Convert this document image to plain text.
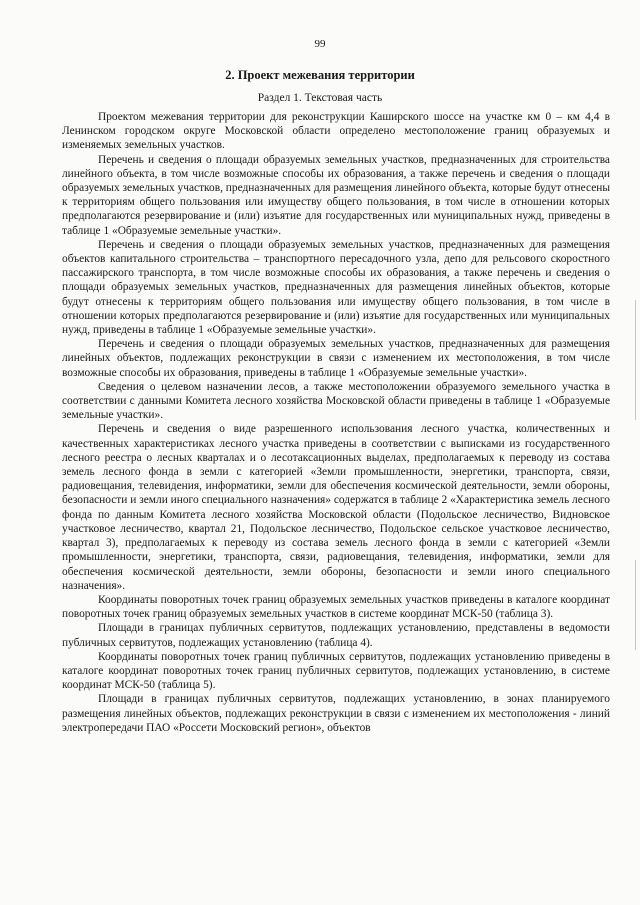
99
2. Проект межевания территории
Раздел 1. Текстовая часть

Проектом межевания территории для реконструкции Каширского шоссе на участке км 0 – км 4,4 в Ленинском городском округе Московской области определено местоположение границ образуемых и изменяемых земельных участков.

Перечень и сведения о площади образуемых земельных участков, предназначенных для строительства линейного объекта, в том числе возможные способы их образования, а также перечень и сведения о площади образуемых земельных участков, предназначенных для размещения линейного объекта, которые будут отнесены к территориям общего пользования или имуществу общего пользования, в том числе в отношении которых предполагаются резервирование и (или) изъятие для государственных или муниципальных нужд, приведены в таблице 1 «Образуемые земельные участки».

Перечень и сведения о площади образуемых земельных участков, предназначенных для размещения объектов капитального строительства – транспортного пересадочного узла, депо для рельсового скоростного пассажирского транспорта, в том числе возможные способы их образования, а также перечень и сведения о площади образуемых земельных участков, предназначенных для размещения линейных объектов, которые будут отнесены к территориям общего пользования или имуществу общего пользования, в том числе в отношении которых предполагаются резервирование и (или) изъятие для государственных или муниципальных нужд, приведены в таблице 1 «Образуемые земельные участки».

Перечень и сведения о площади образуемых земельных участков, предназначенных для размещения линейных объектов, подлежащих реконструкции в связи с изменением их местоположения, в том числе возможные способы их образования, приведены в таблице 1 «Образуемые земельные участки».

Сведения о целевом назначении лесов, а также местоположении образуемого земельного участка в соответствии с данными Комитета лесного хозяйства Московской области приведены в таблице 1 «Образуемые земельные участки».

Перечень и сведения о виде разрешенного использования лесного участка, количественных и качественных характеристиках лесного участка приведены в соответствии с выписками из государственного лесного реестра о лесных кварталах и о лесотаксационных выделах, предполагаемых к переводу из состава земель лесного фонда в земли с категорией «Земли промышленности, энергетики, транспорта, связи, радиовещания, телевидения, информатики, земли для обеспечения космической деятельности, земли обороны, безопасности и земли иного специального назначения» содержатся в таблице 2 «Характеристика земель лесного фонда по данным Комитета лесного хозяйства Московской области (Подольское лесничество, Видновское участковое лесничество, квартал 21, Подольское лесничество, Подольское сельское участковое лесничество, квартал 3), предполагаемых к переводу из состава земель лесного фонда в земли с категорией «Земли промышленности, энергетики, транспорта, связи, радиовещания, телевидения, информатики, земли для обеспечения космической деятельности, земли обороны, безопасности и земли иного специального назначения».

Координаты поворотных точек границ образуемых земельных участков приведены в каталоге координат поворотных точек границ образуемых земельных участков в системе координат МСК-50 (таблица 3).

Площади в границах публичных сервитутов, подлежащих установлению, представлены в ведомости публичных сервитутов, подлежащих установлению (таблица 4).

Координаты поворотных точек границ публичных сервитутов, подлежащих установлению приведены в каталоге координат поворотных точек границ публичных сервитутов, подлежащих установлению, в системе координат МСК-50 (таблица 5).

Площади в границах публичных сервитутов, подлежащих установлению, в зонах планируемого размещения линейных объектов, подлежащих реконструкции в связи с изменением их местоположения - линий электропередачи ПАО «Россети Московский регион», объектов
